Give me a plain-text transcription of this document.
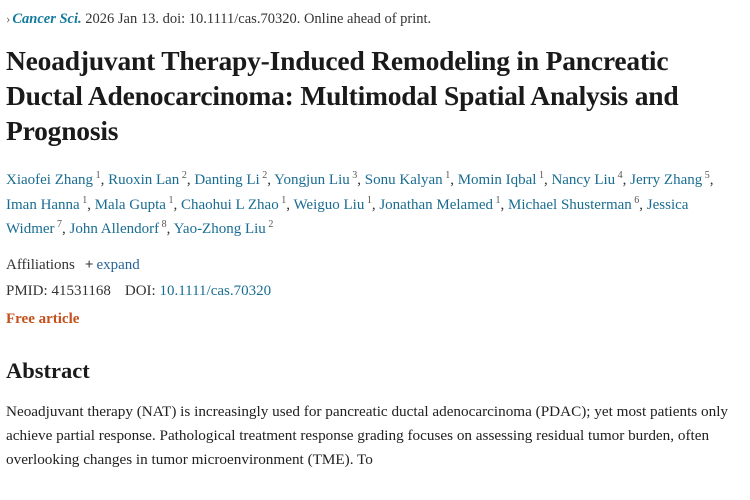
› Cancer Sci. 2026 Jan 13. doi: 10.1111/cas.70320. Online ahead of print.
Neoadjuvant Therapy-Induced Remodeling in Pancreatic Ductal Adenocarcinoma: Multimodal Spatial Analysis and Prognosis
Xiaofei Zhang $^1$, Ruoxin Lan $^2$, Danting Li $^2$, Yongjun Liu $^3$, Sonu Kalyan $^1$, Momin Iqbal $^1$, Nancy Liu $^4$, Jerry Zhang $^5$, Iman Hanna $^1$, Mala Gupta $^1$, Chaohui L Zhao $^1$, Weiguo Liu $^1$, Jonathan Melamed $^1$, Michael Shusterman $^6$, Jessica Widmer $^7$, John Allendorf $^8$, Yao-Zhong Liu $^2$
Affiliations + expand
PMID: 41531168 DOI: 10.1111/cas.70320
Free article
Abstract

Neoadjuvant therapy (NAT) is increasingly used for pancreatic ductal adenocarcinoma (PDAC); yet most patients only achieve partial response. Pathological treatment response grading focuses on assessing residual tumor burden, often overlooking changes in tumor microenvironment (TME). To
